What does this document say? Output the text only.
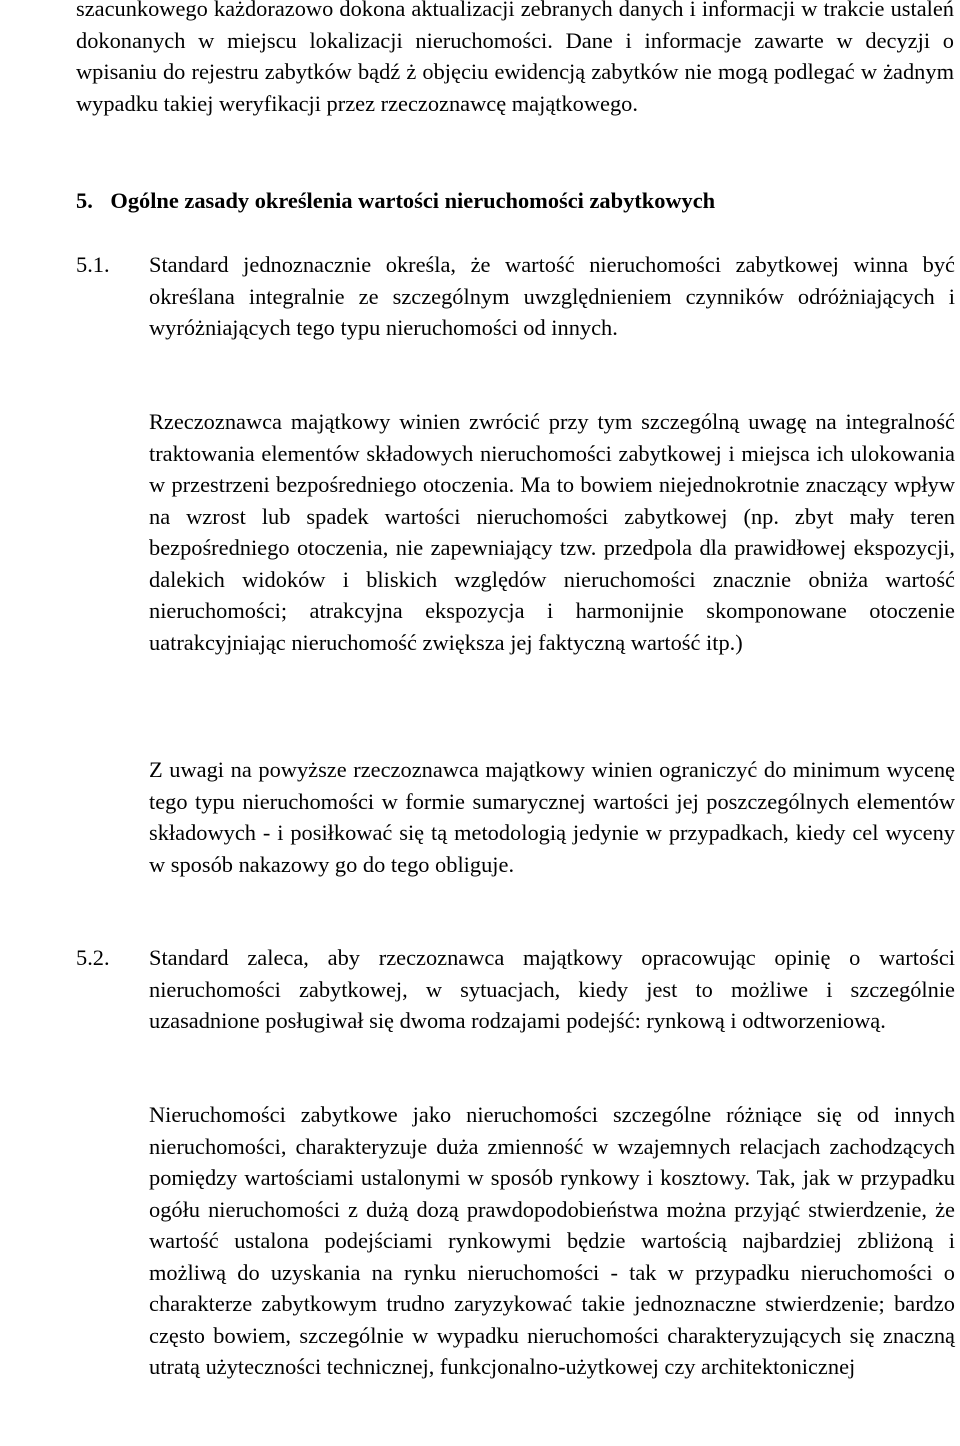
szacunkowego każdorazowo dokona aktualizacji zebranych danych i informacji w trakcie ustaleń dokonanych w miejscu lokalizacji nieruchomości. Dane i informacje zawarte w decyzji o wpisaniu do rejestru zabytków bądź ż objęciu ewidencją zabytków nie mogą podlegać w żadnym wypadku takiej weryfikacji przez rzeczoznawcę majątkowego.

5. Ogólne zasady określenia wartości nieruchomości zabytkowych
5.1. Standard jednoznacznie określa, że wartość nieruchomości zabytkowej winna być określana integralnie ze szczególnym uwzględnieniem czynników odróżniających i wyróżniających tego typu nieruchomości od innych.

Rzeczoznawca majątkowy winien zwrócić przy tym szczególną uwagę na integralność traktowania elementów składowych nieruchomości zabytkowej i miejsca ich ulokowania w przestrzeni bezpośredniego otoczenia. Ma to bowiem niejednokrotnie znaczący wpływ na wzrost lub spadek wartości nieruchomości zabytkowej (np. zbyt mały teren bezpośredniego otoczenia, nie zapewniający tzw. przedpola dla prawidłowej ekspozycji, dalekich widoków i bliskich względów nieruchomości znacznie obniża wartość nieruchomości; atrakcyjna ekspozycja i harmonijnie skomponowane otoczenie uatrakcyjniając nieruchomość zwiększa jej faktyczną wartość itp.)

Z uwagi na powyższe rzeczoznawca majątkowy winien ograniczyć do minimum wycenę tego typu nieruchomości w formie sumarycznej wartości jej poszczególnych elementów składowych - i posiłkować się tą metodologią jedynie w przypadkach, kiedy cel wyceny w sposób nakazowy go do tego obliguje.

5.2. Standard zaleca, aby rzeczoznawca majątkowy opracowując opinię o wartości nieruchomości zabytkowej, w sytuacjach, kiedy jest to możliwe i szczególnie uzasadnione posługiwał się dwoma rodzajami podejść: rynkową i odtworzeniową.

Nieruchomości zabytkowe jako nieruchomości szczególne różniące się od innych nieruchomości, charakteryzuje duża zmienność w wzajemnych relacjach zachodzących pomiędzy wartościami ustalonymi w sposób rynkowy i kosztowy. Tak, jak w przypadku ogółu nieruchomości z dużą dozą prawdopodobieństwa można przyjąć stwierdzenie, że wartość ustalona podejściami rynkowymi będzie wartością najbardziej zbliżoną i możliwą do uzyskania na rynku nieruchomości - tak w przypadku nieruchomości o charakterze zabytkowym trudno zaryzykować takie jednoznaczne stwierdzenie; bardzo często bowiem, szczególnie w wypadku nieruchomości charakteryzujących się znaczną utratą użyteczności technicznej, funkcjonalno-użytkowej czy architektonicznej
